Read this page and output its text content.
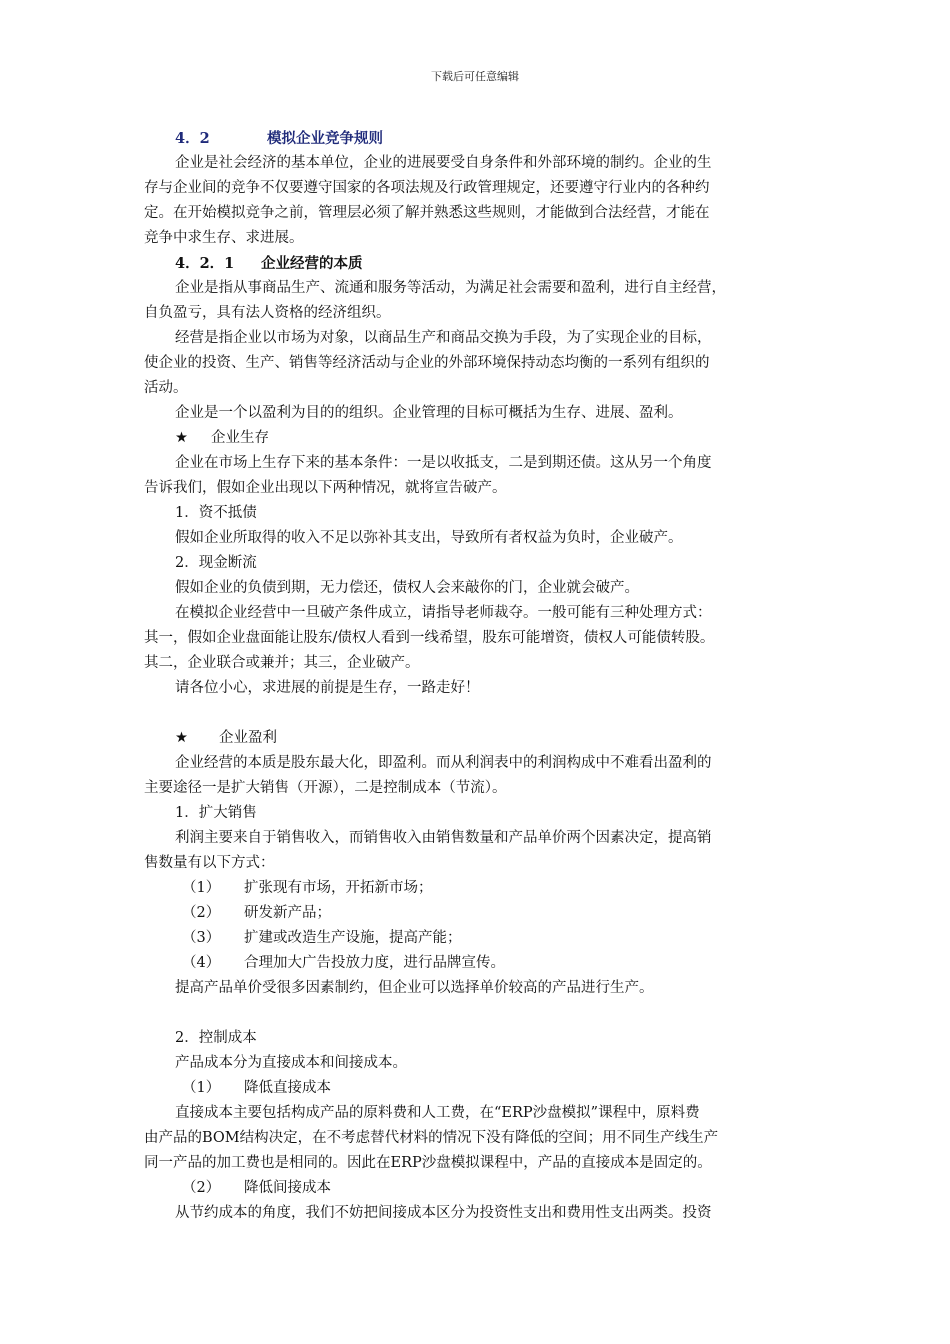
下载后可任意编辑
4．2	模拟企业竞争规则
企业是社会经济的基本单位，企业的进展要受自身条件和外部环境的制约。企业的生
存与企业间的竞争不仅要遵守国家的各项法规及行政管理规定，还要遵守行业内的各种约
定。在开始模拟竞争之前，管理层必须了解并熟悉这些规则，才能做到合法经营，才能在
竞争中求生存、求进展。
4．2．1 企业经营的本质
企业是指从事商品生产、流通和服务等活动，为满足社会需要和盈利，进行自主经营，
自负盈亏，具有法人资格的经济组织。
经营是指企业以市场为对象，以商品生产和商品交换为手段，为了实现企业的目标，
使企业的投资、生产、销售等经济活动与企业的外部环境保持动态均衡的一系列有组织的
活动。
企业是一个以盈利为目的的组织。企业管理的目标可概括为生存、进展、盈利。
★ 企业生存
企业在市场上生存下来的基本条件：一是以收抵支，二是到期还债。这从另一个角度
告诉我们，假如企业出现以下两种情况，就将宣告破产。
1．资不抵债
假如企业所取得的收入不足以弥补其支出，导致所有者权益为负时，企业破产。
2．现金断流
假如企业的负债到期，无力偿还，债权人会来敲你的门，企业就会破产。
在模拟企业经营中一旦破产条件成立，请指导老师裁夺。一般可能有三种处理方式：
其一，假如企业盘面能让股东/债权人看到一线希望，股东可能增资，债权人可能债转股。
其二，企业联合或兼并；其三，企业破产。
请各位小心，求进展的前提是生存，一路走好！
★ 企业盈利
企业经营的本质是股东最大化，即盈利。而从利润表中的利润构成中不难看出盈利的
主要途径一是扩大销售（开源），二是控制成本（节流）。
1．扩大销售
利润主要来自于销售收入，而销售收入由销售数量和产品单价两个因素决定，提高销
售数量有以下方式：
（1） 扩张现有市场，开拓新市场；
（2） 研发新产品；
（3） 扩建或改造生产设施，提高产能；
（4） 合理加大广告投放力度，进行品牌宣传。
提高产品单价受很多因素制约，但企业可以选择单价较高的产品进行生产。
2．控制成本
产品成本分为直接成本和间接成本。
（1） 降低直接成本
直接成本主要包括构成产品的原料费和人工费，在“ERP沙盘模拟”课程中，原料费
由产品的BOM结构决定，在不考虑替代材料的情况下没有降低的空间；用不同生产线生产
同一产品的加工费也是相同的。因此在ERP沙盘模拟课程中，产品的直接成本是固定的。
（2） 降低间接成本
从节约成本的角度，我们不妨把间接成本区分为投资性支出和费用性支出两类。投资
